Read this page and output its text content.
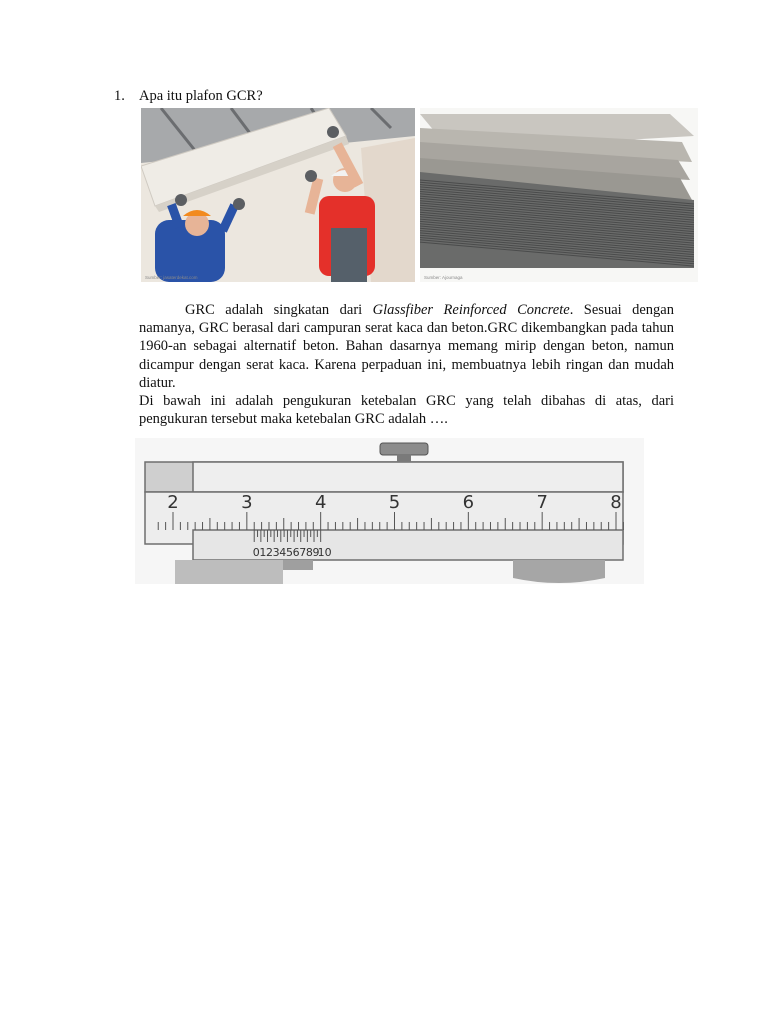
1. Apa itu plafon GCR?
Sumber: jasaterdekat.com	Sumber: Ajournaga

GRC adalah singkatan dari Glassfiber Reinforced Concrete. Sesuai dengan namanya, GRC berasal dari campuran serat kaca dan beton.GRC dikembangkan pada tahun 1960-an sebagai alternatif beton. Bahan dasarnya memang mirip dengan beton, namun dicampur dengan serat kaca. Karena perpaduan ini, membuatnya lebih ringan dan mudah diatur.

Di bawah ini adalah pengukuran ketebalan GRC yang telah dibahas di atas, dari pengukuran tersebut maka ketebalan GRC adalah ….

2	3	4	5	6	7	8
0 1 2 3 4 5 6 7 8 9
10
